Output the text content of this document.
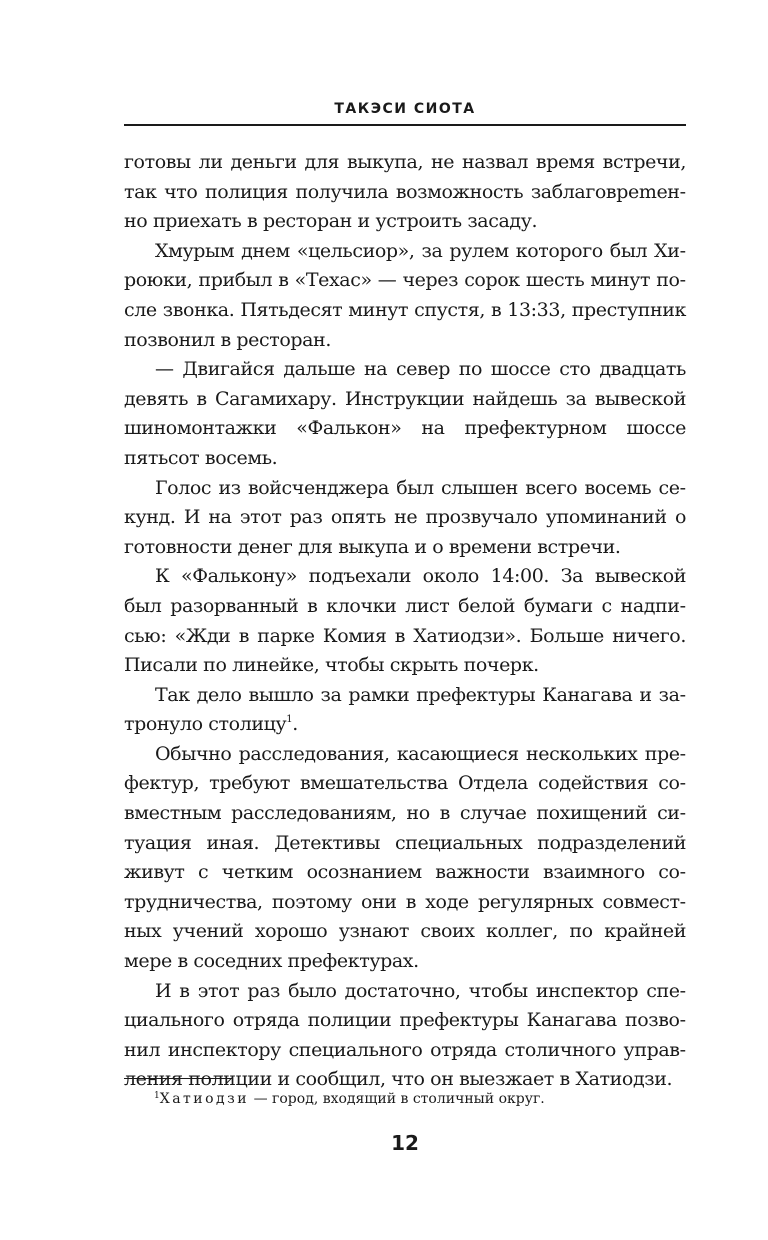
ТАКЭСИ СИОТА

готовы ли деньги для выкупа, не назвал время встречи, так что полиция получила возможность заблаговреmенно приехать в ресторан и устроить засаду.

Хмурым днем «цельсиор», за рулем которого был Хироюки, прибыл в «Техас» — через сорок шесть минут после звонка. Пятьдесят минут спустя, в 13:33, преступник позвонил в ресторан.

— Двигайся дальше на север по шоссе сто двадцать девять в Сагамихару. Инструкции найдешь за вывеской шиномонтажки «Фалькон» на префектурном шоссе пятьсот восемь.

Голос из войсченджера был слышен всего восемь секунд. И на этот раз опять не прозвучало упоминаний о готовности денег для выкупа и о времени встречи.

К «Фалькону» подъехали около 14:00. За вывеской был разорванный в клочки лист белой бумаги с надписью: «Жди в парке Комия в Хатиодзи». Больше ничего. Писали по линейке, чтобы скрыть почерк.

Так дело вышло за рамки префектуры Канагава и затронуло столицу$^1$.

Обычно расследования, касающиеся нескольких префектур, требуют вмешательства Отдела содействия совместным расследованиям, но в случае похищений ситуация иная. Детективы специальных подразделений живут с четким осознанием важности взаимного сотрудничества, поэтому они в ходе регулярных совместных учений хорошо узнают своих коллег, по крайней мере в соседних префектурах.

И в этот раз было достаточно, чтобы инспектор специального отряда полиции префектуры Канагава позвонил инспектору специального отряда столичного управления полиции и сообщил, что он выезжает в Хатиодзи.

$^1$Хатиодзи — город, входящий в столичный округ.
12
